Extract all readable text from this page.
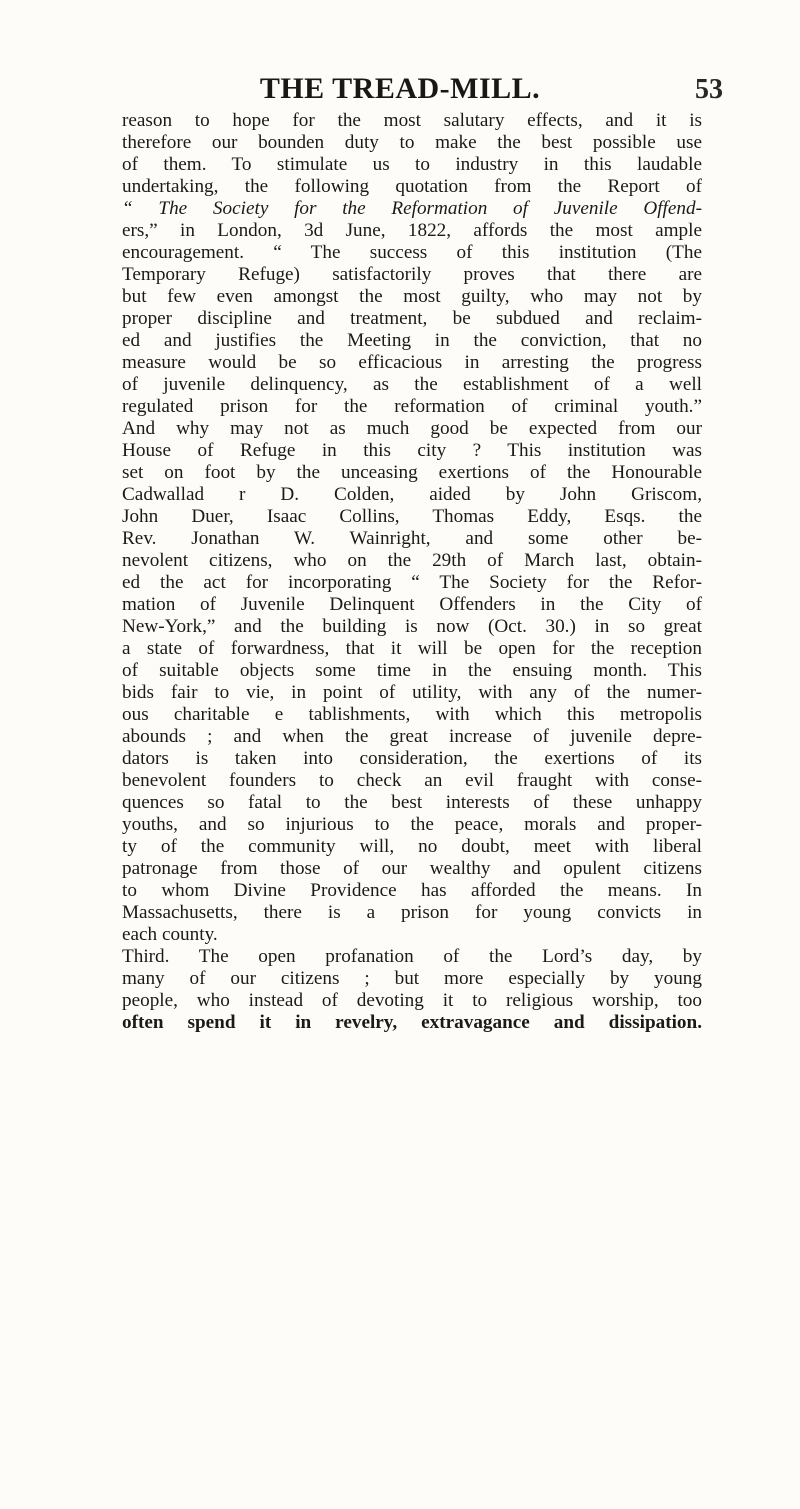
THE TREAD-MILL.	53
reason to hope for the most salutary effects, and it is
therefore our bounden duty to make the best possible use
of them. To stimulate us to industry in this laudable
undertaking, the following quotation from the Report of
“ The Society for the Reformation of Juvenile Offend-
ers,” in London, 3d June, 1822, affords the most ample
encouragement. “ The success of this institution (The
Temporary Refuge) satisfactorily proves that there are
but few even amongst the most guilty, who may not by
proper discipline and treatment, be subdued and reclaim-
ed and justifies the Meeting in the conviction, that no
measure would be so efficacious in arresting the progress
of juvenile delinquency, as the establishment of a well
regulated prison for the reformation of criminal youth.”
And why may not as much good be expected from our
House of Refuge in this city ? This institution was
set on foot by the unceasing exertions of the Honourable
Cadwallad r D. Colden, aided by John Griscom,
John Duer, Isaac Collins, Thomas Eddy, Esqs. the
Rev. Jonathan W. Wainright, and some other be-
nevolent citizens, who on the 29th of March last, obtain-
ed the act for incorporating “ The Society for the Refor-
mation of Juvenile Delinquent Offenders in the City of
New-York,” and the building is now (Oct. 30.) in so great
a state of forwardness, that it will be open for the reception
of suitable objects some time in the ensuing month. This
bids fair to vie, in point of utility, with any of the numer-
ous charitable e tablishments, with which this metropolis
abounds ; and when the great increase of juvenile depre-
dators is taken into consideration, the exertions of its
benevolent founders to check an evil fraught with conse-
quences so fatal to the best interests of these unhappy
youths, and so injurious to the peace, morals and proper-
ty of the community will, no doubt, meet with liberal
patronage from those of our wealthy and opulent citizens
to whom Divine Providence has afforded the means. In
Massachusetts, there is a prison for young convicts in
each county.
Third. The open profanation of the Lord’s day, by
many of our citizens ; but more especially by young
people, who instead of devoting it to religious worship, too
often spend it in revelry, extravagance and dissipation.
